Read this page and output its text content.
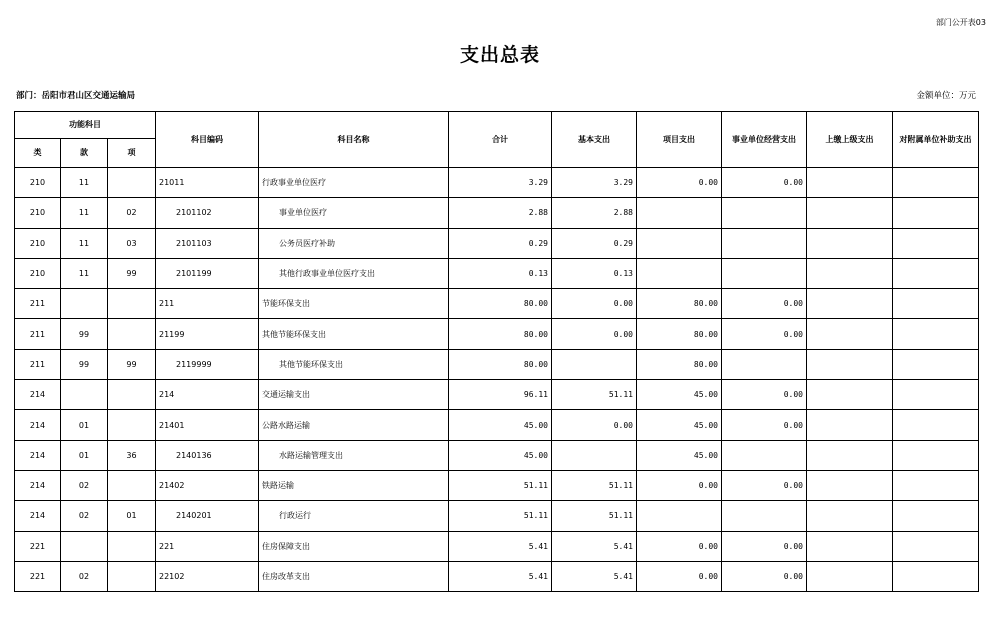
部门公开表03
支出总表
部门：岳阳市君山区交通运输局	金额单位：万元
功能科目			科目编码	科目名称	合计	基本支出	项目支出	事业单位经营支出	上缴上级支出	对附属单位补助支出
类	款	项								
210	11		21011	行政事业单位医疗	3.29	3.29	0.00	0.00		
210	11	02	2101102	事业单位医疗	2.88	2.88				
210	11	03	2101103	公务员医疗补助	0.29	0.29				
210	11	99	2101199	其他行政事业单位医疗支出	0.13	0.13				
211			211	节能环保支出	80.00	0.00	80.00	0.00		
211	99		21199	其他节能环保支出	80.00	0.00	80.00	0.00		
211	99	99	2119999	其他节能环保支出	80.00		80.00			
214			214	交通运输支出	96.11	51.11	45.00	0.00		
214	01		21401	公路水路运输	45.00	0.00	45.00	0.00		
214	01	36	2140136	水路运输管理支出	45.00		45.00			
214	02		21402	铁路运输	51.11	51.11	0.00	0.00		
214	02	01	2140201	行政运行	51.11	51.11				
221			221	住房保障支出	5.41	5.41	0.00	0.00		
221	02		22102	住房改革支出	5.41	5.41	0.00	0.00		
